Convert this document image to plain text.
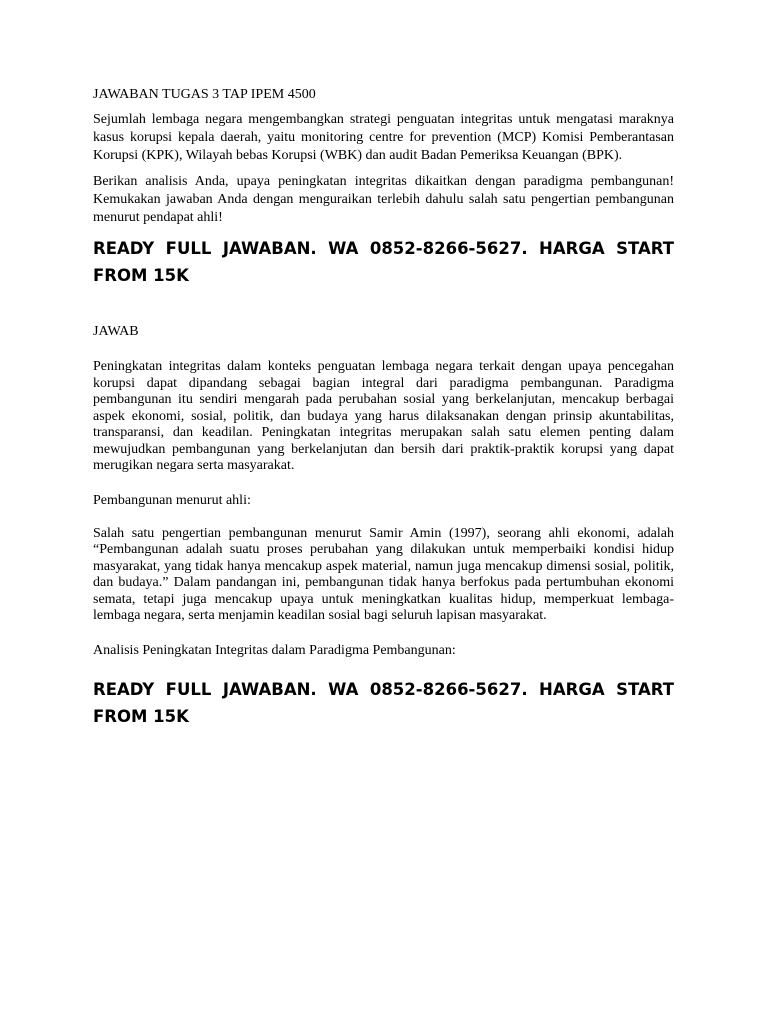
JAWABAN TUGAS 3 TAP IPEM 4500

Sejumlah lembaga negara mengembangkan strategi penguatan integritas untuk mengatasi maraknya kasus korupsi kepala daerah, yaitu monitoring centre for prevention (MCP) Komisi Pemberantasan Korupsi (KPK), Wilayah bebas Korupsi (WBK) dan audit Badan Pemeriksa Keuangan (BPK).

Berikan analisis Anda, upaya peningkatan integritas dikaitkan dengan paradigma pembangunan! Kemukakan jawaban Anda dengan menguraikan terlebih dahulu salah satu pengertian pembangunan menurut pendapat ahli!

READY FULL JAWABAN. WA 0852-8266-5627. HARGA START FROM 15K

JAWAB

Peningkatan integritas dalam konteks penguatan lembaga negara terkait dengan upaya pencegahan korupsi dapat dipandang sebagai bagian integral dari paradigma pembangunan. Paradigma pembangunan itu sendiri mengarah pada perubahan sosial yang berkelanjutan, mencakup berbagai aspek ekonomi, sosial, politik, dan budaya yang harus dilaksanakan dengan prinsip akuntabilitas, transparansi, dan keadilan. Peningkatan integritas merupakan salah satu elemen penting dalam mewujudkan pembangunan yang berkelanjutan dan bersih dari praktik-praktik korupsi yang dapat merugikan negara serta masyarakat.

Pembangunan menurut ahli:

Salah satu pengertian pembangunan menurut Samir Amin (1997), seorang ahli ekonomi, adalah “Pembangunan adalah suatu proses perubahan yang dilakukan untuk memperbaiki kondisi hidup masyarakat, yang tidak hanya mencakup aspek material, namun juga mencakup dimensi sosial, politik, dan budaya.” Dalam pandangan ini, pembangunan tidak hanya berfokus pada pertumbuhan ekonomi semata, tetapi juga mencakup upaya untuk meningkatkan kualitas hidup, memperkuat lembaga-lembaga negara, serta menjamin keadilan sosial bagi seluruh lapisan masyarakat.

Analisis Peningkatan Integritas dalam Paradigma Pembangunan:

READY FULL JAWABAN. WA 0852-8266-5627. HARGA START FROM 15K
